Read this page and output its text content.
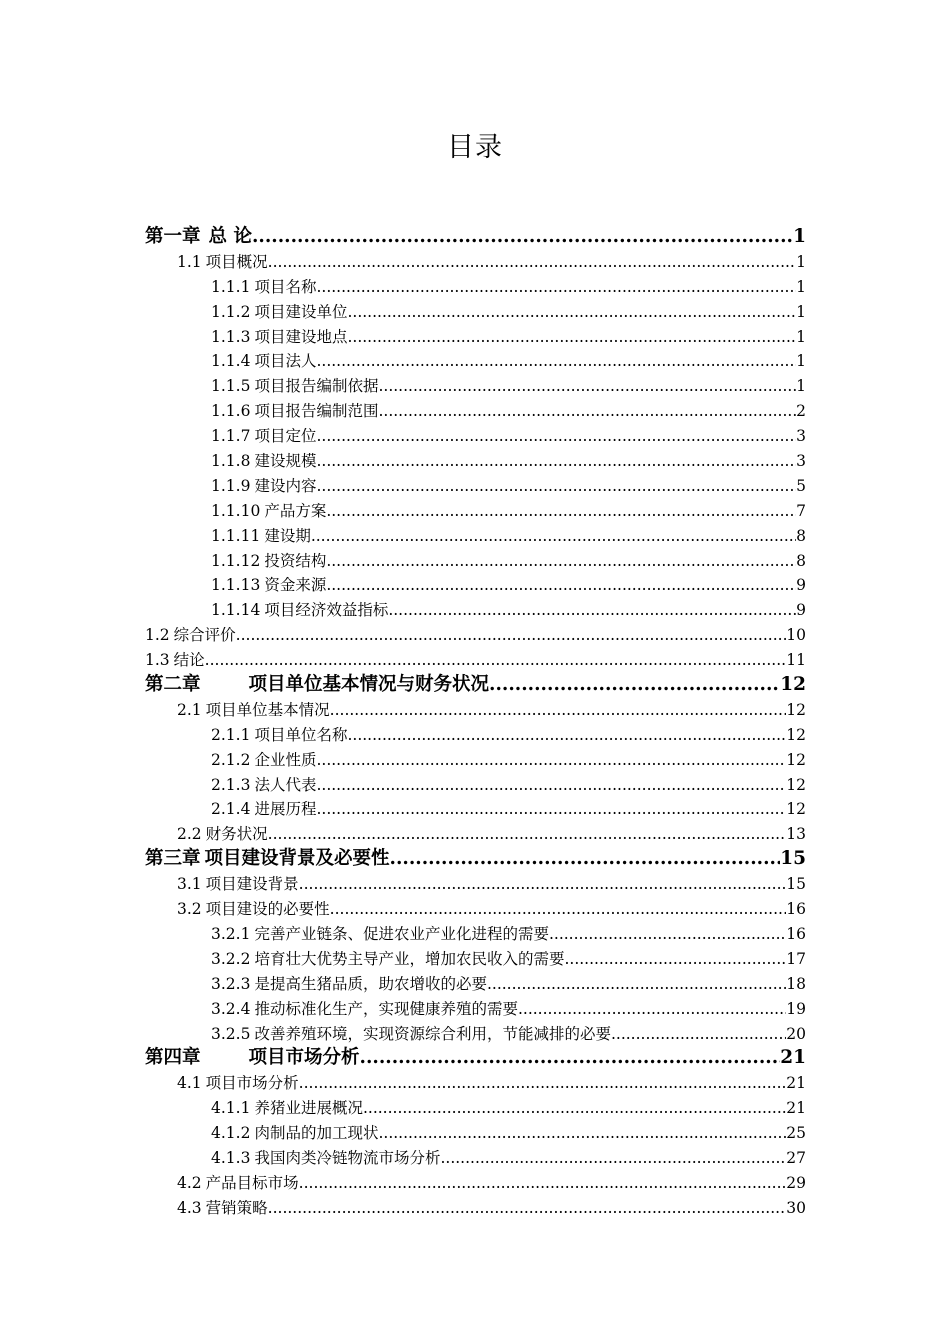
目录
第一章 总 论 .....	1
1.1 项目概况 .....	1
1.1.1 项目名称 .....	1
1.1.2 项目建设单位 .....	1
1.1.3 项目建设地点 .....	1
1.1.4 项目法人 .....	1
1.1.5 项目报告编制依据 .....	1
1.1.6 项目报告编制范围 .....	2
1.1.7 项目定位 .....	3
1.1.8 建设规模 .....	3
1.1.9 建设内容 .....	5
1.1.10 产品方案 .....	7
1.1.11 建设期 .....	8
1.1.12 投资结构 .....	8
1.1.13 资金来源 .....	9
1.1.14 项目经济效益指标 .....	9
1.2 综合评价 .....	10
1.3 结论 .....	11
第二章	项目单位基本情况与财务状况 .....	12
2.1 项目单位基本情况 .....	12
2.1.1 项目单位名称 .....	12
2.1.2 企业性质 .....	12
2.1.3 法人代表 .....	12
2.1.4 进展历程 .....	12
2.2 财务状况 .....	13
第三章 项目建设背景及必要性 .....	15
3.1 项目建设背景 .....	15
3.2 项目建设的必要性 .....	16
3.2.1 完善产业链条、促进农业产业化进程的需要 .....	16
3.2.2 培育壮大优势主导产业，增加农民收入的需要 .....	17
3.2.3 是提高生猪品质，助农增收的必要 .....	18
3.2.4 推动标准化生产，实现健康养殖的需要 .....	19
3.2.5 改善养殖环境，实现资源综合利用，节能减排的必要 .....	20
第四章	项目市场分析 .....	21
4.1 项目市场分析 .....	21
4.1.1 养猪业进展概况 .....	21
4.1.2 肉制品的加工现状 .....	25
4.1.3 我国肉类冷链物流市场分析 .....	27
4.2 产品目标市场 .....	29
4.3 营销策略 .....	30
